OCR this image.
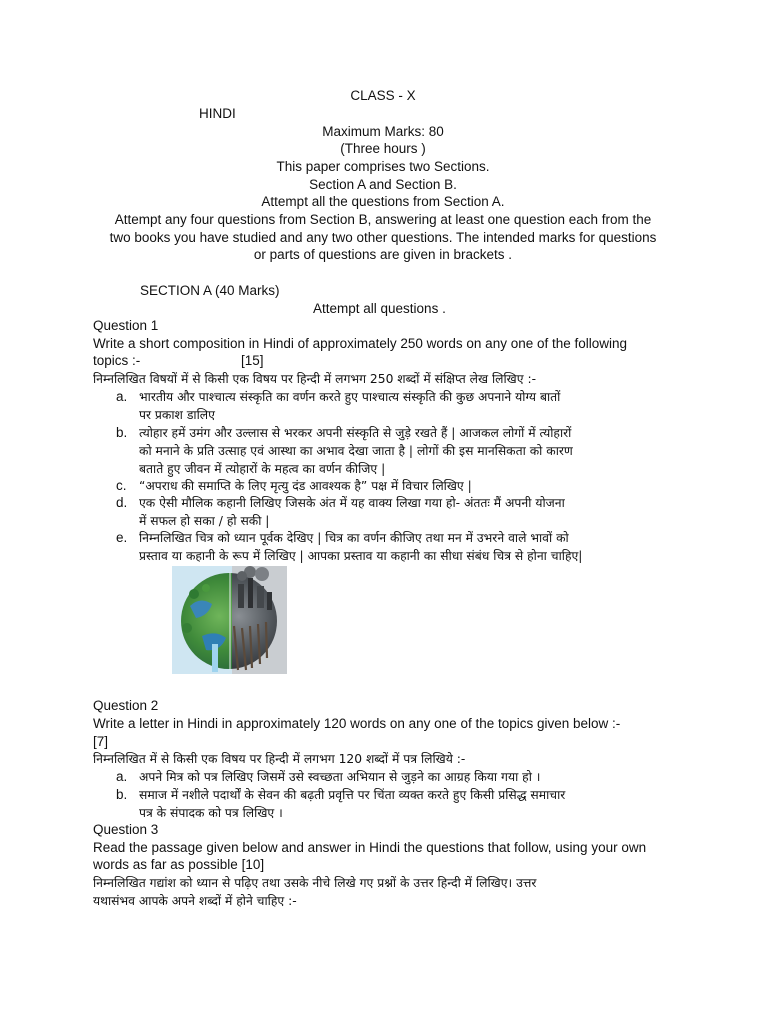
CLASS - X
HINDI
Maximum Marks: 80
(Three hours )
This paper comprises two Sections.
Section A and Section B.
Attempt all the questions from Section A.
Attempt any four questions from Section B, answering at least one question each from the
two books you have studied and any two other questions. The intended marks for questions
or parts of questions are given in brackets .
SECTION A (40 Marks)
Attempt all questions .
Question 1
Write a short composition in Hindi of approximately 250 words on any one of the following
topics :-	[15]
निम्नलिखित विषयों में से किसी एक विषय पर हिन्दी में लगभग 250 शब्दों में संक्षिप्त लेख लिखिए :-
a. भारतीय और पाश्चात्य संस्कृति का वर्णन करते हुए पाश्चात्य संस्कृति की कुछ अपनाने योग्य बातों
पर प्रकाश डालिए
b. त्योहार हमें उमंग और उल्लास से भरकर अपनी संस्कृति से जुड़े रखते हैं | आजकल लोगों में त्योहारों
को मनाने के प्रति उत्साह एवं आस्था का अभाव देखा जाता है | लोगों की इस मानसिकता को कारण
बताते हुए जीवन में त्योहारों के महत्व का वर्णन कीजिए |
c. “अपराध की समाप्ति के लिए मृत्यु दंड आवश्यक है” पक्ष में विचार लिखिए |
d. एक ऐसी मौलिक कहानी लिखिए जिसके अंत में यह वाक्य लिखा गया हो- अंततः मैं अपनी योजना
में सफल हो सका / हो सकी |
e. निम्नलिखित चित्र को ध्यान पूर्वक देखिए | चित्र का वर्णन कीजिए तथा मन में उभरने वाले भावों को
प्रस्ताव या कहानी के रूप में लिखिए | आपका प्रस्ताव या कहानी का सीधा संबंध चित्र से होना चाहिए|
Question 2
Write a letter in Hindi in approximately 120 words on any one of the topics given below :-
[7]
निम्नलिखित में से किसी एक विषय पर हिन्दी में लगभग 120 शब्दों में पत्र लिखिये :-
a. अपने मित्र को पत्र लिखिए जिसमें उसे स्वच्छता अभियान से जुड़ने का आग्रह किया गया हो ।
b. समाज में नशीले पदार्थों के सेवन की बढ़ती प्रवृत्ति पर चिंता व्यक्त करते हुए किसी प्रसिद्ध समाचार
पत्र के संपादक को पत्र लिखिए ।
Question 3
Read the passage given below and answer in Hindi the questions that follow, using your own
words as far as possible [10]
निम्नलिखित गद्यांश को ध्यान से पढ़िए तथा उसके नीचे लिखे गए प्रश्नों के उत्तर हिन्दी में लिखिए। उत्तर
यथासंभव आपके अपने शब्दों में होने चाहिए :-
